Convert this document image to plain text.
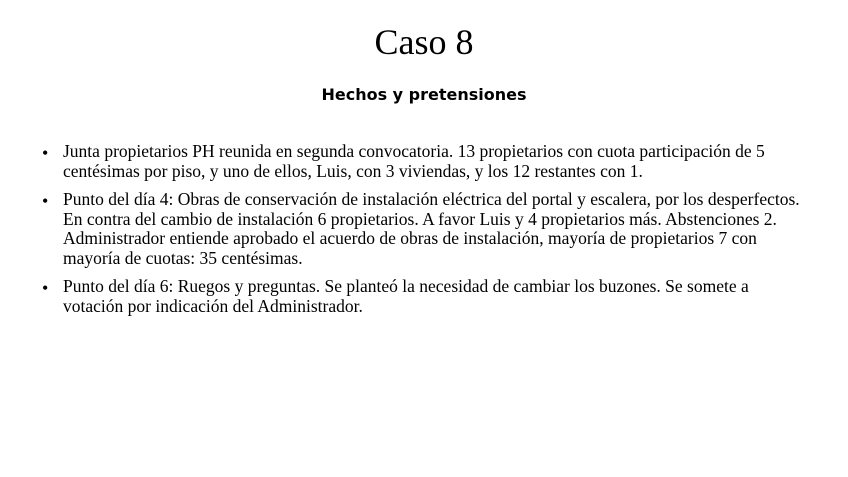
Caso 8
Hechos y pretensiones
• Junta propietarios PH reunida en segunda convocatoria. 13 propietarios con cuota participación de 5 centésimas por piso, y uno de ellos, Luis, con 3 viviendas, y los 12 restantes con 1.
• Punto del día 4: Obras de conservación de instalación eléctrica del portal y escalera, por los desperfectos. En contra del cambio de instalación 6 propietarios. A favor Luis y 4 propietarios más. Abstenciones 2. Administrador entiende aprobado el acuerdo de obras de instalación, mayoría de propietarios 7 con mayoría de cuotas: 35 centésimas.
• Punto del día 6: Ruegos y preguntas. Se planteó la necesidad de cambiar los buzones. Se somete a votación por indicación del Administrador.
